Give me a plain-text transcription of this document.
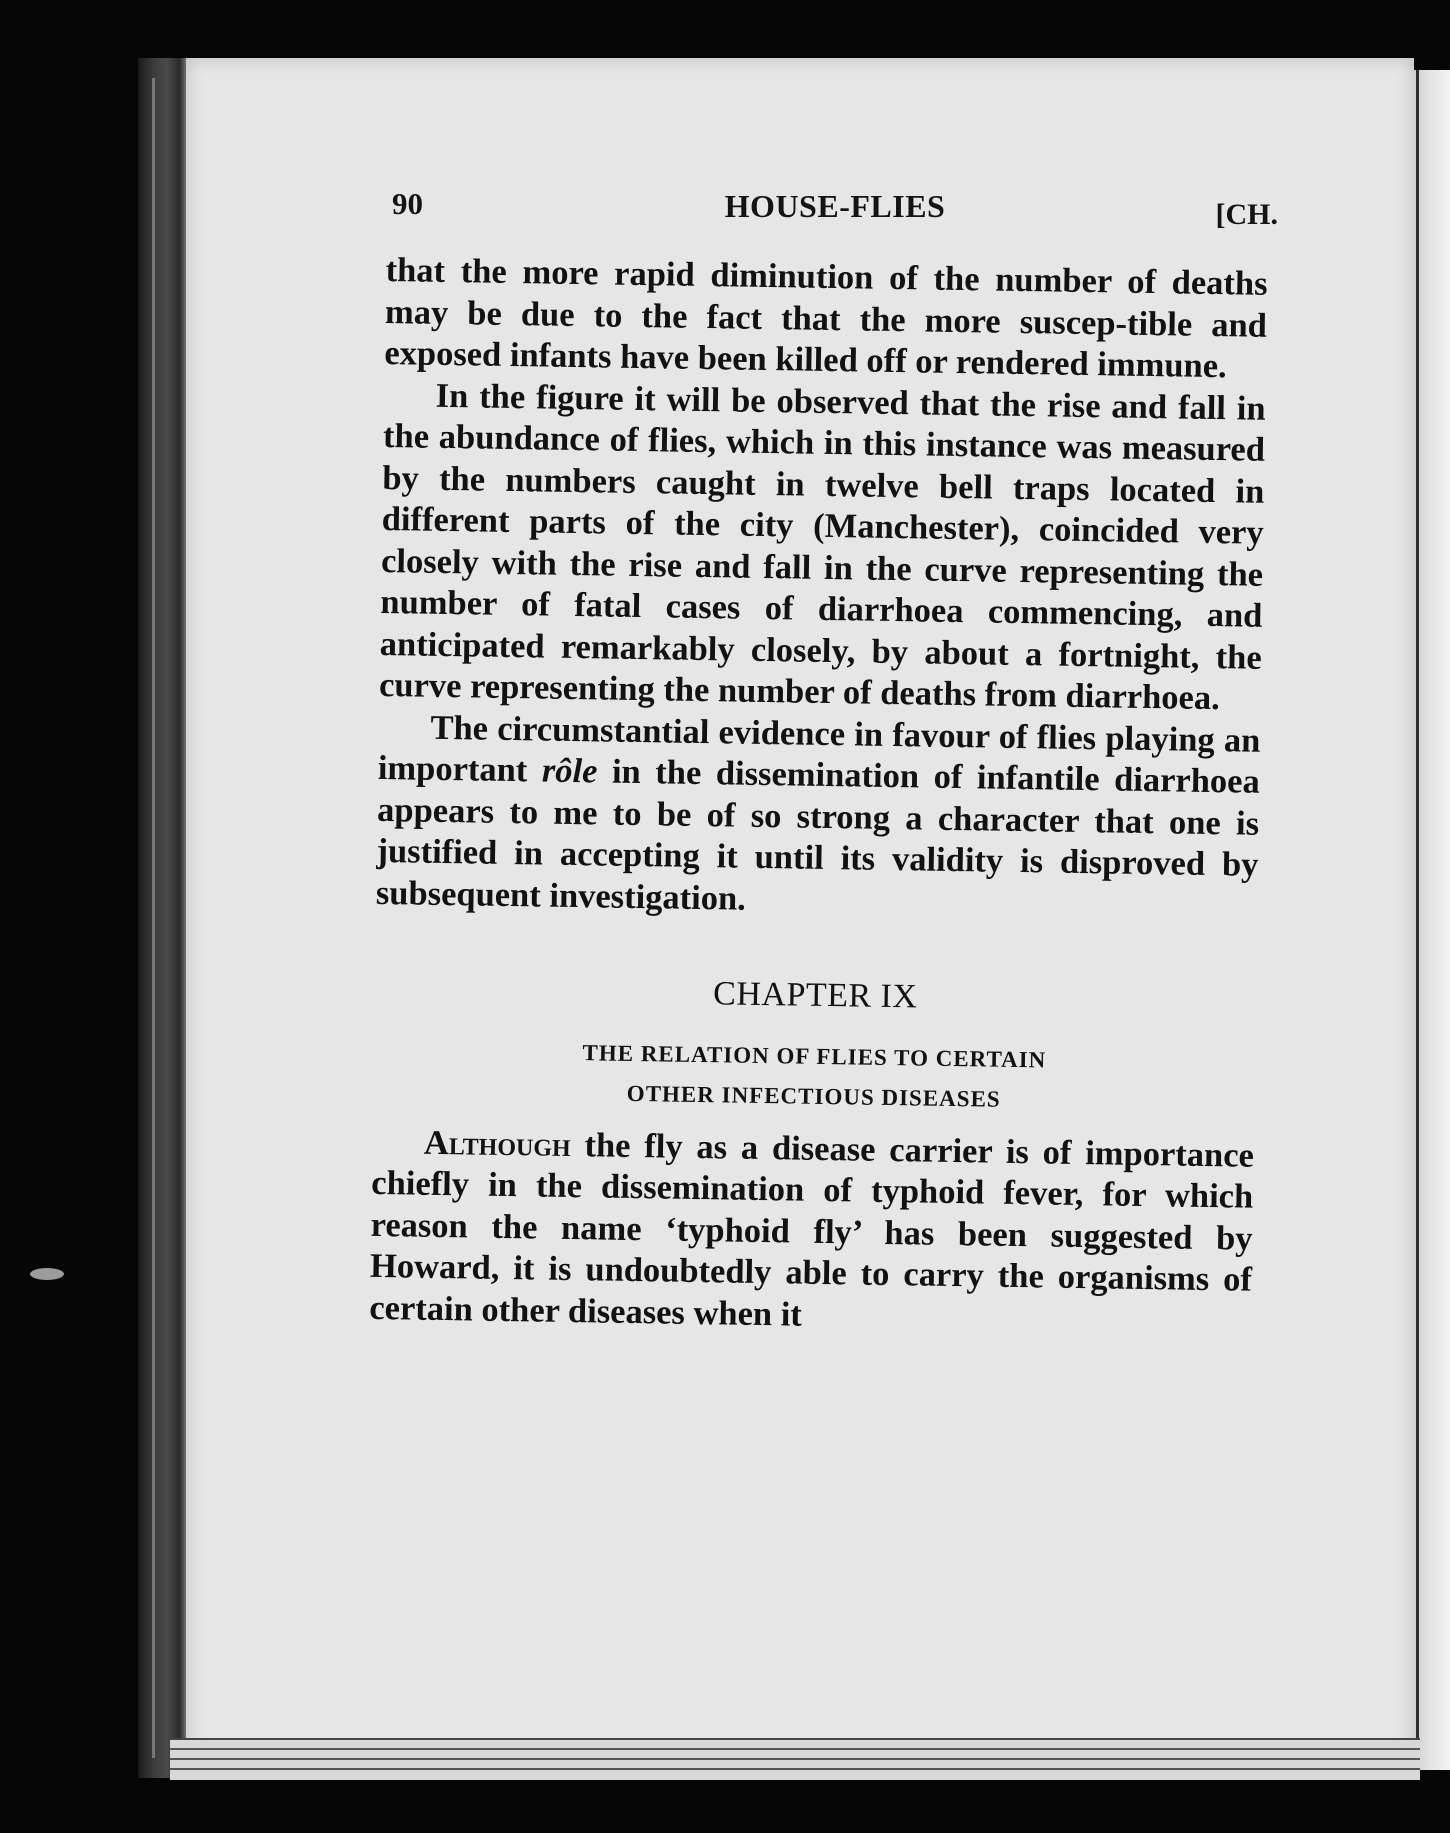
90	HOUSE-FLIES	[CH.

that the more rapid diminution of the number of deaths may be due to the fact that the more suscep-tible and exposed infants have been killed off or rendered immune.

In the figure it will be observed that the rise and fall in the abundance of flies, which in this instance was measured by the numbers caught in twelve bell traps located in different parts of the city (Manchester), coincided very closely with the rise and fall in the curve representing the number of fatal cases of diarrhoea commencing, and anticipated remarkably closely, by about a fortnight, the curve representing the number of deaths from diarrhoea.

The circumstantial evidence in favour of flies playing an important rôle in the dissemination of infantile diarrhoea appears to me to be of so strong a character that one is justified in accepting it until its validity is disproved by subsequent investigation.

CHAPTER IX
THE RELATION OF FLIES TO CERTAIN
OTHER INFECTIOUS DISEASES

Although the fly as a disease carrier is of importance chiefly in the dissemination of typhoid fever, for which reason the name ‘typhoid fly’ has been suggested by Howard, it is undoubtedly able to carry the organisms of certain other diseases when it
